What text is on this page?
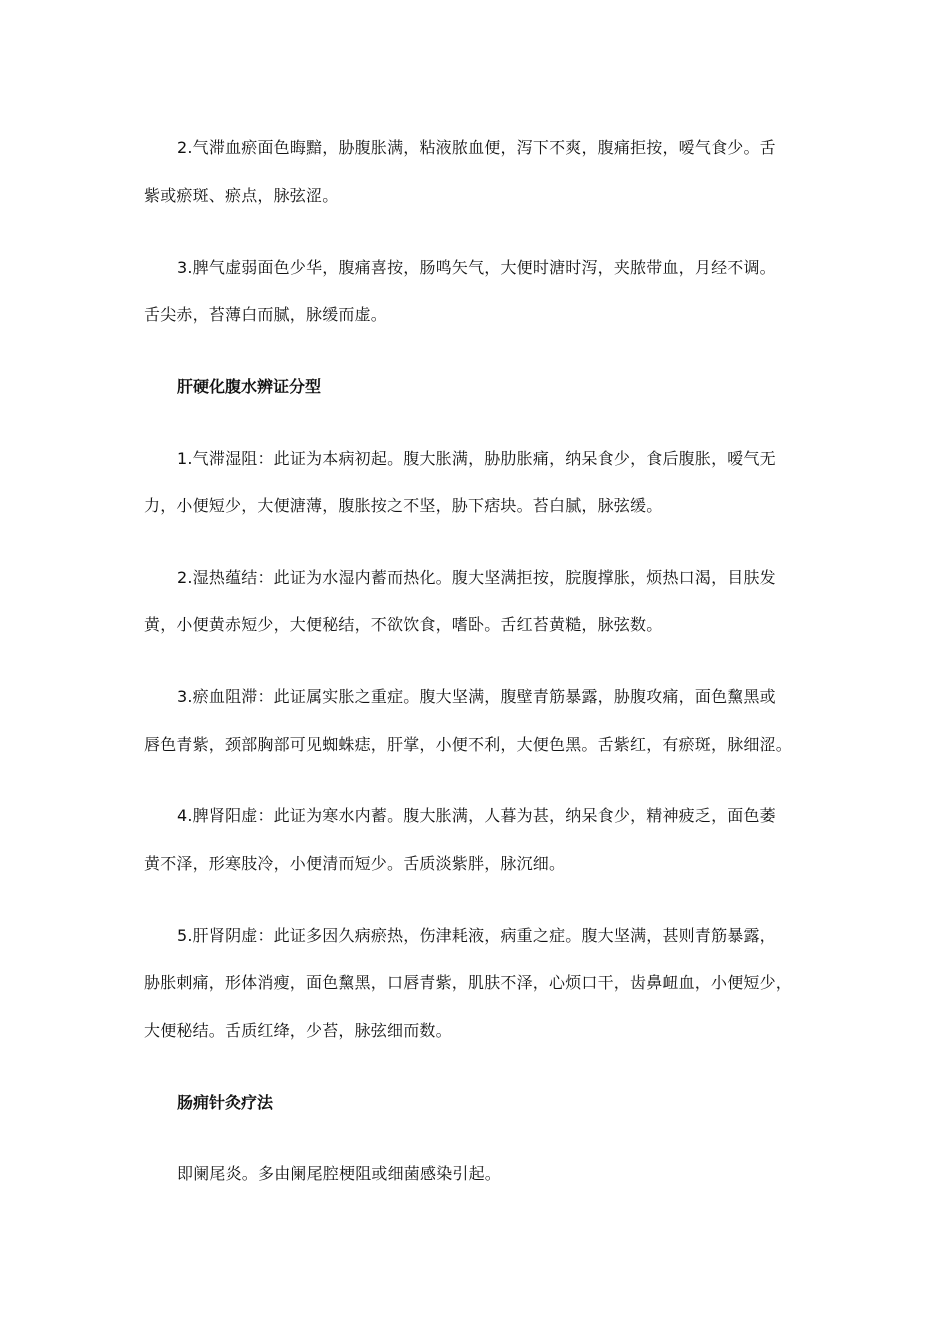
2.气滞血瘀面色晦黯，胁腹胀满，粘液脓血便，泻下不爽，腹痛拒按，嗳气食少。舌
紫或瘀斑、瘀点，脉弦涩。
3.脾气虚弱面色少华，腹痛喜按，肠鸣矢气，大便时溏时泻，夹脓带血，月经不调。
舌尖赤，苔薄白而腻，脉缓而虚。
肝硬化腹水辨证分型
1.气滞湿阻：此证为本病初起。腹大胀满，胁肋胀痛，纳呆食少，食后腹胀，嗳气无
力，小便短少，大便溏薄，腹胀按之不坚，胁下痞块。苔白腻，脉弦缓。
2.湿热蕴结：此证为水湿内蓄而热化。腹大坚满拒按，脘腹撑胀，烦热口渴，目肤发
黄，小便黄赤短少，大便秘结，不欲饮食，嗜卧。舌红苔黄糙，脉弦数。
3.瘀血阻滞：此证属实胀之重症。腹大坚满，腹壁青筋暴露，胁腹攻痛，面色黧黑或
唇色青紫，颈部胸部可见蜘蛛痣，肝掌，小便不利，大便色黑。舌紫红，有瘀斑，脉细涩。
4.脾肾阳虚：此证为寒水内蓄。腹大胀满，人暮为甚，纳呆食少，精神疲乏，面色萎
黄不泽，形寒肢冷，小便清而短少。舌质淡紫胖，脉沉细。
5.肝肾阴虚：此证多因久病瘀热，伤津耗液，病重之症。腹大坚满，甚则青筋暴露，
胁胀刺痛，形体消瘦，面色黧黑，口唇青紫，肌肤不泽，心烦口干，齿鼻衄血，小便短少，
大便秘结。舌质红绛，少苔，脉弦细而数。
肠痈针灸疗法
即阑尾炎。多由阑尾腔梗阻或细菌感染引起。
